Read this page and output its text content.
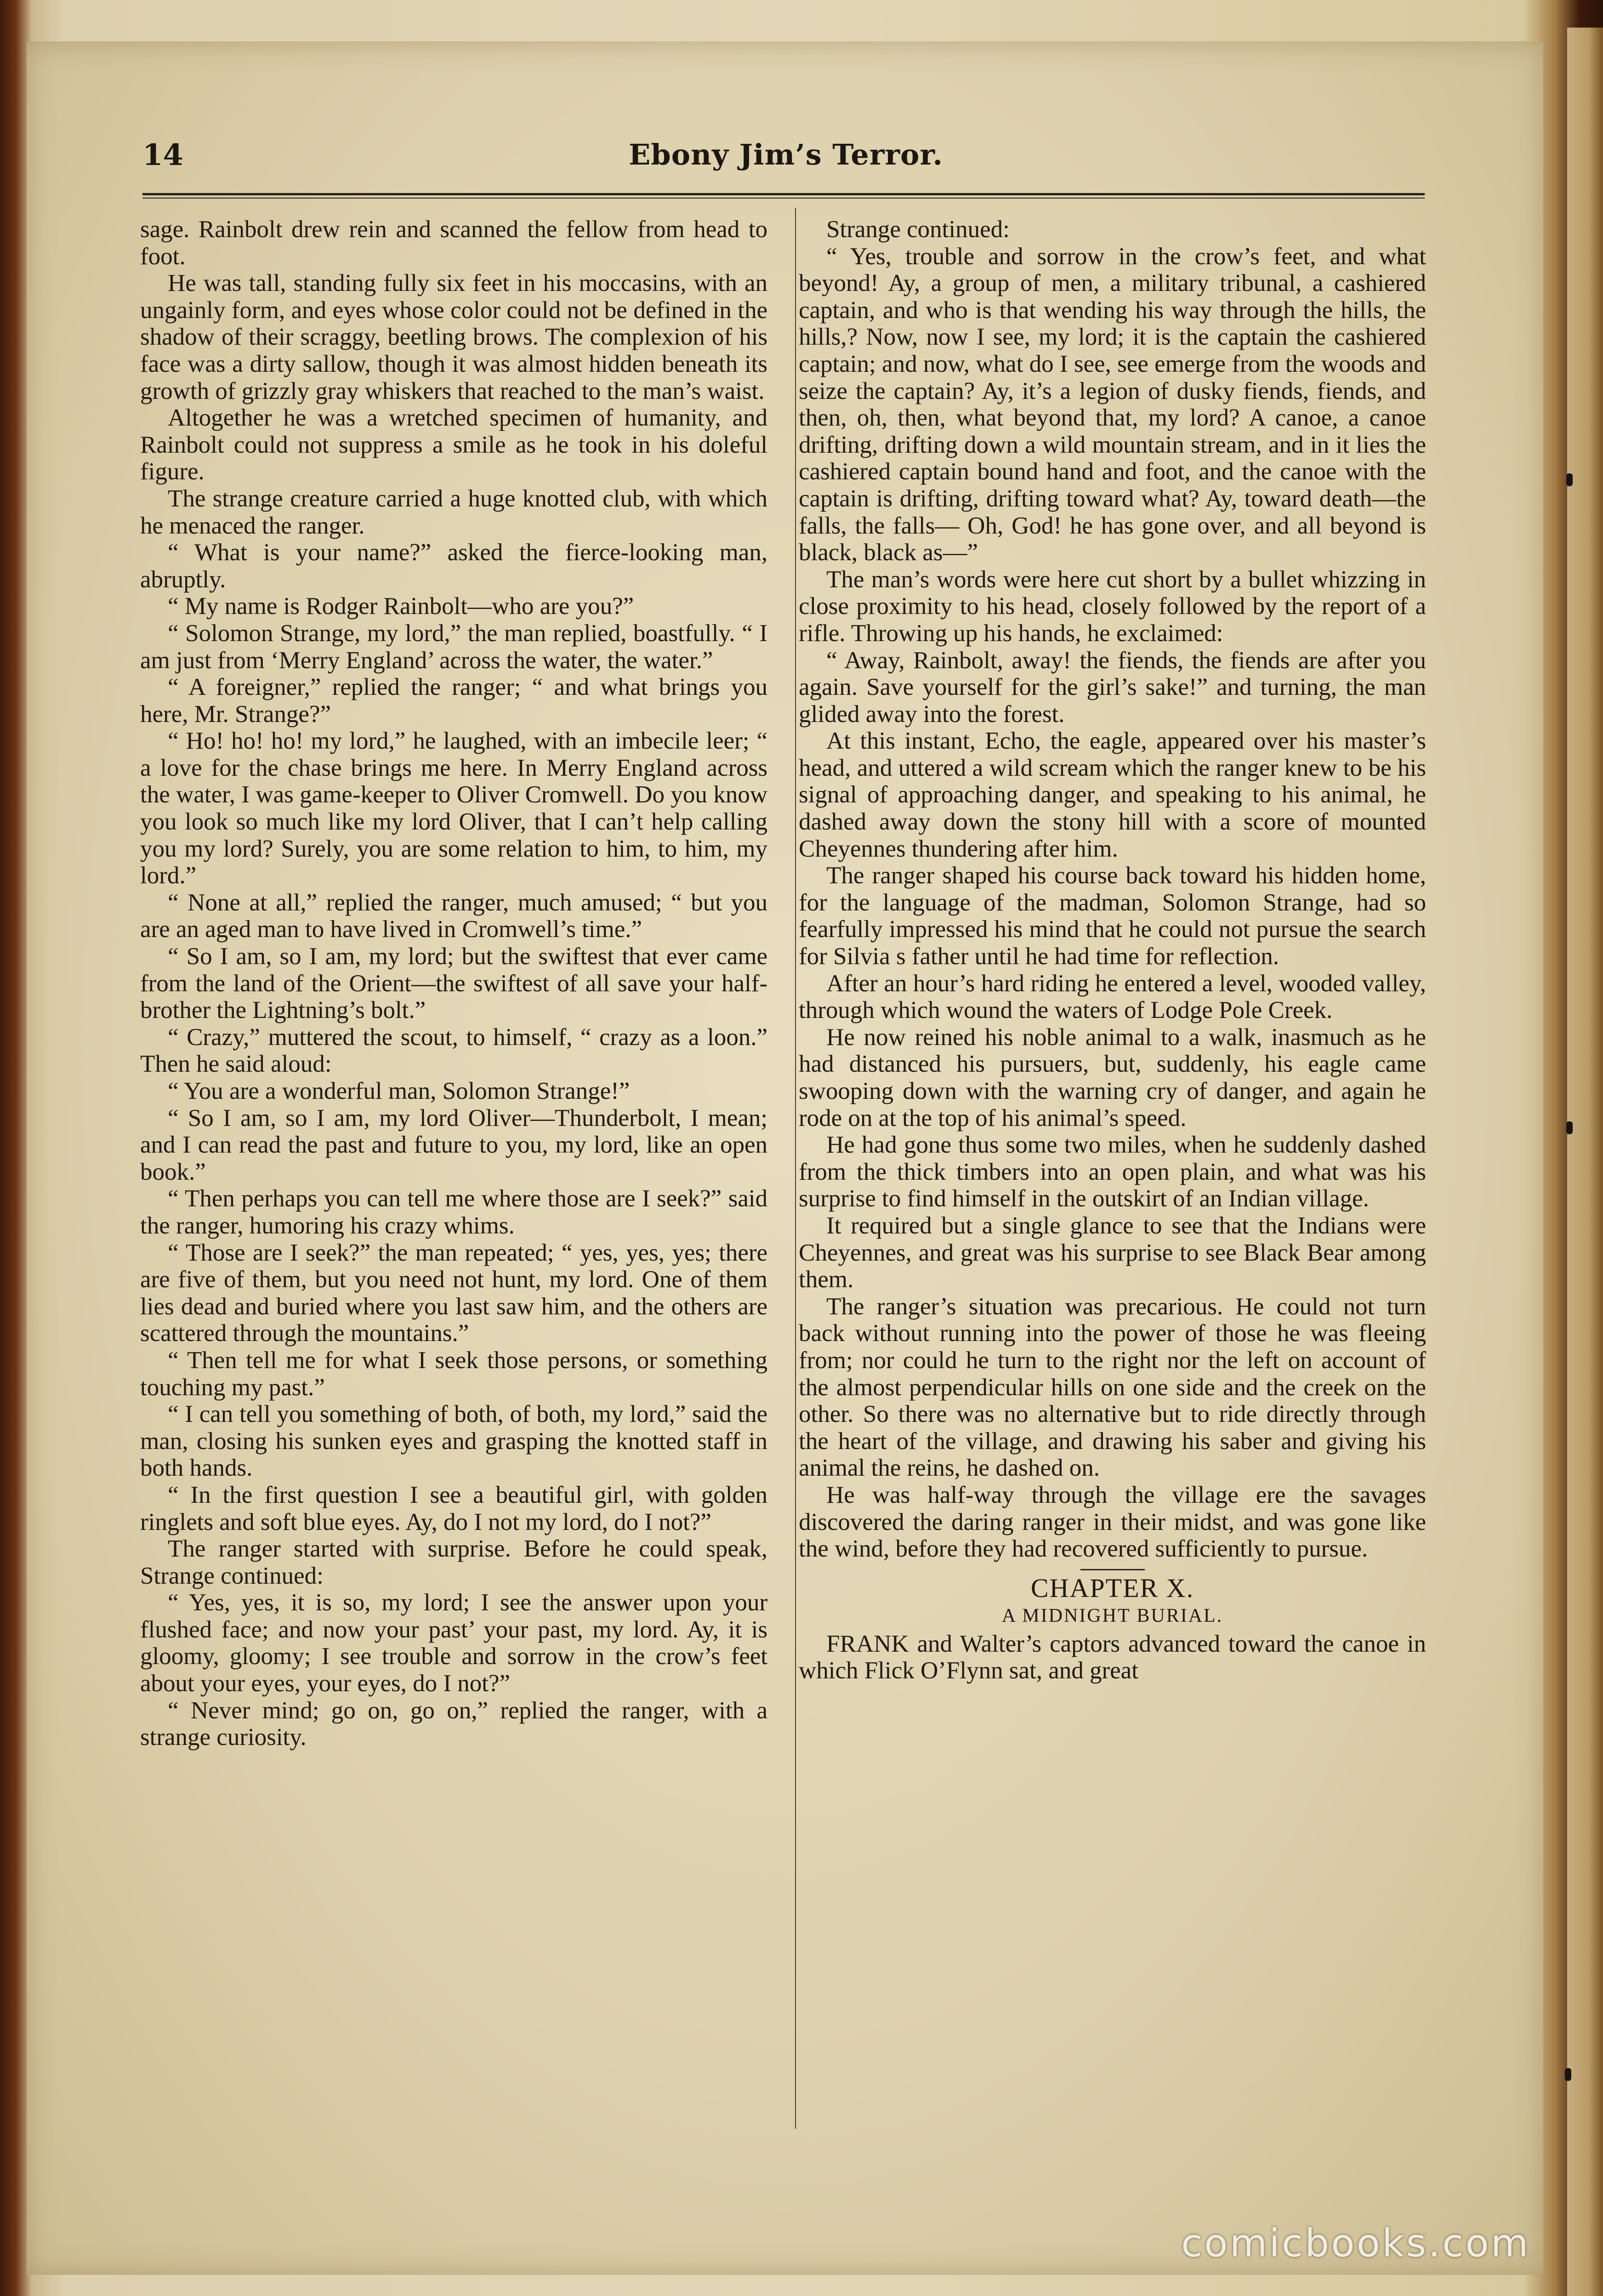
14	Ebony Jim’s Terror.

sage. Rainbolt drew rein and scanned the fellow from head to foot.

He was tall, standing fully six feet in his moccasins, with an ungainly form, and eyes whose color could not be defined in the shadow of their scraggy, beetling brows. The complexion of his face was a dirty sallow, though it was almost hidden beneath its growth of grizzly gray whiskers that reached to the man’s waist.

Altogether he was a wretched specimen of humanity, and Rainbolt could not suppress a smile as he took in his doleful figure.

The strange creature carried a huge knotted club, with which he menaced the ranger.

“ What is your name?” asked the fierce-looking man, abruptly.

“ My name is Rodger Rainbolt—who are you?”

“ Solomon Strange, my lord,” the man replied, boastfully. “ I am just from ‘Merry England’ across the water, the water.”

“ A foreigner,” replied the ranger; “ and what brings you here, Mr. Strange?”

“ Ho! ho! ho! my lord,” he laughed, with an imbecile leer; “ a love for the chase brings me here. In Merry England across the water, I was game-keeper to Oliver Cromwell. Do you know you look so much like my lord Oliver, that I can’t help calling you my lord? Surely, you are some relation to him, to him, my lord.”

“ None at all,” replied the ranger, much amused; “ but you are an aged man to have lived in Cromwell’s time.”

“ So I am, so I am, my lord; but the swiftest that ever came from the land of the Orient—the swiftest of all save your half-brother the Lightning’s bolt.”

“ Crazy,” muttered the scout, to himself, “ crazy as a loon.” Then he said aloud:

“ You are a wonderful man, Solomon Strange!”

“ So I am, so I am, my lord Oliver—Thunderbolt, I mean; and I can read the past and future to you, my lord, like an open book.”

“ Then perhaps you can tell me where those are I seek?” said the ranger, humoring his crazy whims.

“ Those are I seek?” the man repeated; “ yes, yes, yes; there are five of them, but you need not hunt, my lord. One of them lies dead and buried where you last saw him, and the others are scattered through the mountains.”

“ Then tell me for what I seek those persons, or something touching my past.”

“ I can tell you something of both, of both, my lord,” said the man, closing his sunken eyes and grasping the knotted staff in both hands.

“ In the first question I see a beautiful girl, with golden ringlets and soft blue eyes. Ay, do I not my lord, do I not?”

The ranger started with surprise. Before he could speak, Strange continued:

“ Yes, yes, it is so, my lord; I see the answer upon your flushed face; and now your past’ your past, my lord. Ay, it is gloomy, gloomy; I see trouble and sorrow in the crow’s feet about your eyes, your eyes, do I not?”

“ Never mind; go on, go on,” replied the ranger, with a strange curiosity.

Strange continued:

“ Yes, trouble and sorrow in the crow’s feet, and what beyond! Ay, a group of men, a military tribunal, a cashiered captain, and who is that wending his way through the hills, the hills,? Now, now I see, my lord; it is the captain the cashiered captain; and now, what do I see, see emerge from the woods and seize the captain? Ay, it’s a legion of dusky fiends, fiends, and then, oh, then, what beyond that, my lord? A canoe, a canoe drifting, drifting down a wild mountain stream, and in it lies the cashiered captain bound hand and foot, and the canoe with the captain is drifting, drifting toward what? Ay, toward death—the falls, the falls— Oh, God! he has gone over, and all beyond is black, black as—”

The man’s words were here cut short by a bullet whizzing in close proximity to his head, closely followed by the report of a rifle. Throwing up his hands, he exclaimed:

“ Away, Rainbolt, away! the fiends, the fiends are after you again. Save yourself for the girl’s sake!” and turning, the man glided away into the forest.

At this instant, Echo, the eagle, appeared over his master’s head, and uttered a wild scream which the ranger knew to be his signal of approaching danger, and speaking to his animal, he dashed away down the stony hill with a score of mounted Cheyennes thundering after him.

The ranger shaped his course back toward his hidden home, for the language of the madman, Solomon Strange, had so fearfully impressed his mind that he could not pursue the search for Silvia s father until he had time for reflection.

After an hour’s hard riding he entered a level, wooded valley, through which wound the waters of Lodge Pole Creek.

He now reined his noble animal to a walk, inasmuch as he had distanced his pursuers, but, suddenly, his eagle came swooping down with the warning cry of danger, and again he rode on at the top of his animal’s speed.

He had gone thus some two miles, when he suddenly dashed from the thick timbers into an open plain, and what was his surprise to find himself in the outskirt of an Indian village.

It required but a single glance to see that the Indians were Cheyennes, and great was his surprise to see Black Bear among them.

The ranger’s situation was precarious. He could not turn back without running into the power of those he was fleeing from; nor could he turn to the right nor the left on account of the almost perpendicular hills on one side and the creek on the other. So there was no alternative but to ride directly through the heart of the village, and drawing his saber and giving his animal the reins, he dashed on.

He was half-way through the village ere the savages discovered the daring ranger in their midst, and was gone like the wind, before they had recovered sufficiently to pursue.

CHAPTER X.
A MIDNIGHT BURIAL.

FRANK and Walter’s captors advanced toward the canoe in which Flick O’Flynn sat, and great

comicbooks.com
